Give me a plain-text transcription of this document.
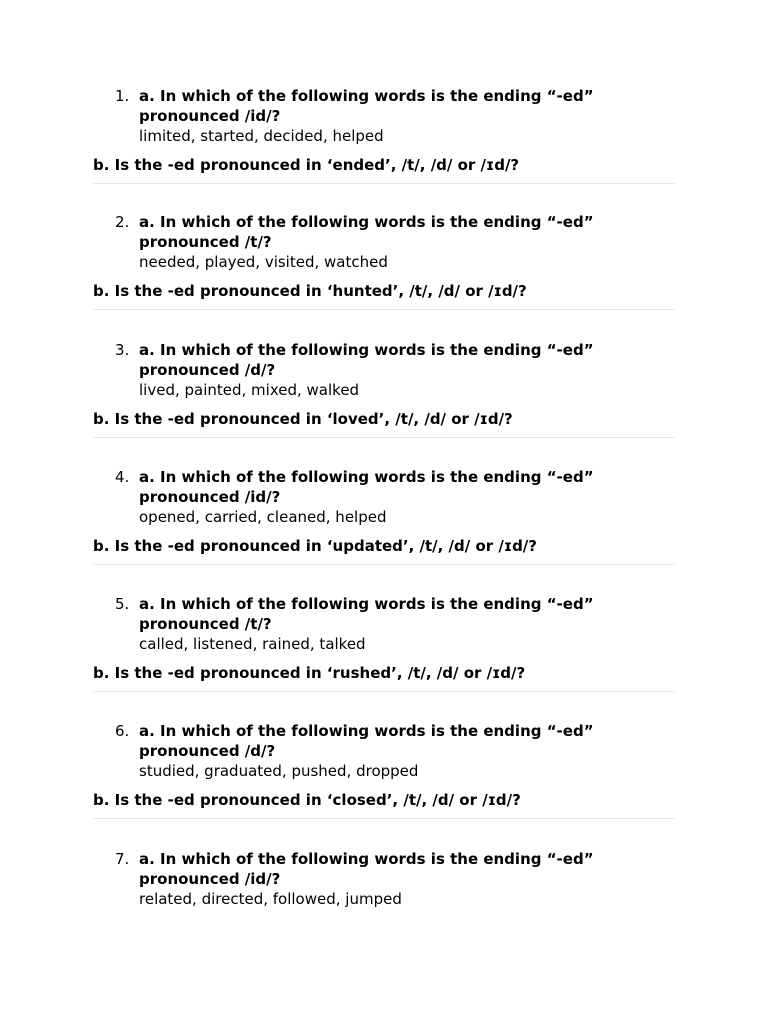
1. a. In which of the following words is the ending “-ed” pronounced /id/?
limited, started, decided, helped
b. Is the -ed pronounced in ‘ended’, /t/, /d/ or /ɪd/?
2. a. In which of the following words is the ending “-ed” pronounced /t/?
needed, played, visited, watched
b. Is the -ed pronounced in ‘hunted’, /t/, /d/ or /ɪd/?
3. a. In which of the following words is the ending “-ed” pronounced /d/?
lived, painted, mixed, walked
b. Is the -ed pronounced in ‘loved’, /t/, /d/ or /ɪd/?
4. a. In which of the following words is the ending “-ed” pronounced /id/?
opened, carried, cleaned, helped
b. Is the -ed pronounced in ‘updated’, /t/, /d/ or /ɪd/?
5. a. In which of the following words is the ending “-ed” pronounced /t/?
called, listened, rained, talked
b. Is the -ed pronounced in ‘rushed’, /t/, /d/ or /ɪd/?
6. a. In which of the following words is the ending “-ed” pronounced /d/?
studied, graduated, pushed, dropped
b. Is the -ed pronounced in ‘closed’, /t/, /d/ or /ɪd/?
7. a. In which of the following words is the ending “-ed” pronounced /id/?
related, directed, followed, jumped
